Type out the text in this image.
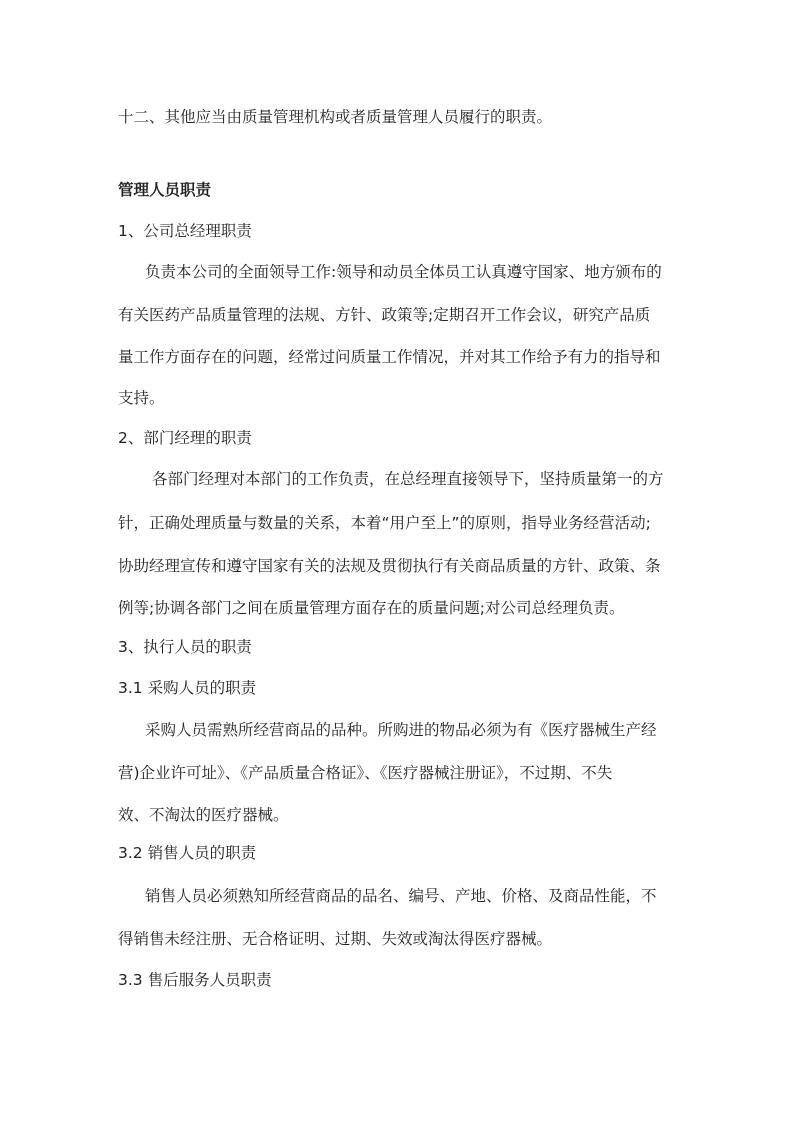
十二、其他应当由质量管理机构或者质量管理人员履行的职责。
管理人员职责
1、公司总经理职责
负责本公司的全面领导工作:领导和动员全体员工认真遵守国家、地方颁布的
有关医药产品质量管理的法规、方针、政策等;定期召开工作会议，研究产品质
量工作方面存在的问题，经常过问质量工作情况，并对其工作给予有力的指导和
支持。
2、部门经理的职责
各部门经理对本部门的工作负责，在总经理直接领导下，坚持质量第一的方
针，正确处理质量与数量的关系，本着“用户至上”的原则，指导业务经营活动;
协助经理宣传和遵守国家有关的法规及贯彻执行有关商品质量的方针、政策、条
例等;协调各部门之间在质量管理方面存在的质量问题;对公司总经理负责。
3、执行人员的职责
3.1 采购人员的职责
采购人员需熟所经营商品的品种。所购进的物品必须为有《医疗器械生产经
营)企业许可址》、《产品质量合格证》、《医疗器械注册证》，不过期、不失
效、不淘汰的医疗器械。
3.2 销售人员的职责
销售人员必须熟知所经营商品的品名、编号、产地、价格、及商品性能，不
得销售未经注册、无合格证明、过期、失效或淘汰得医疗器械。
3.3 售后服务人员职责
